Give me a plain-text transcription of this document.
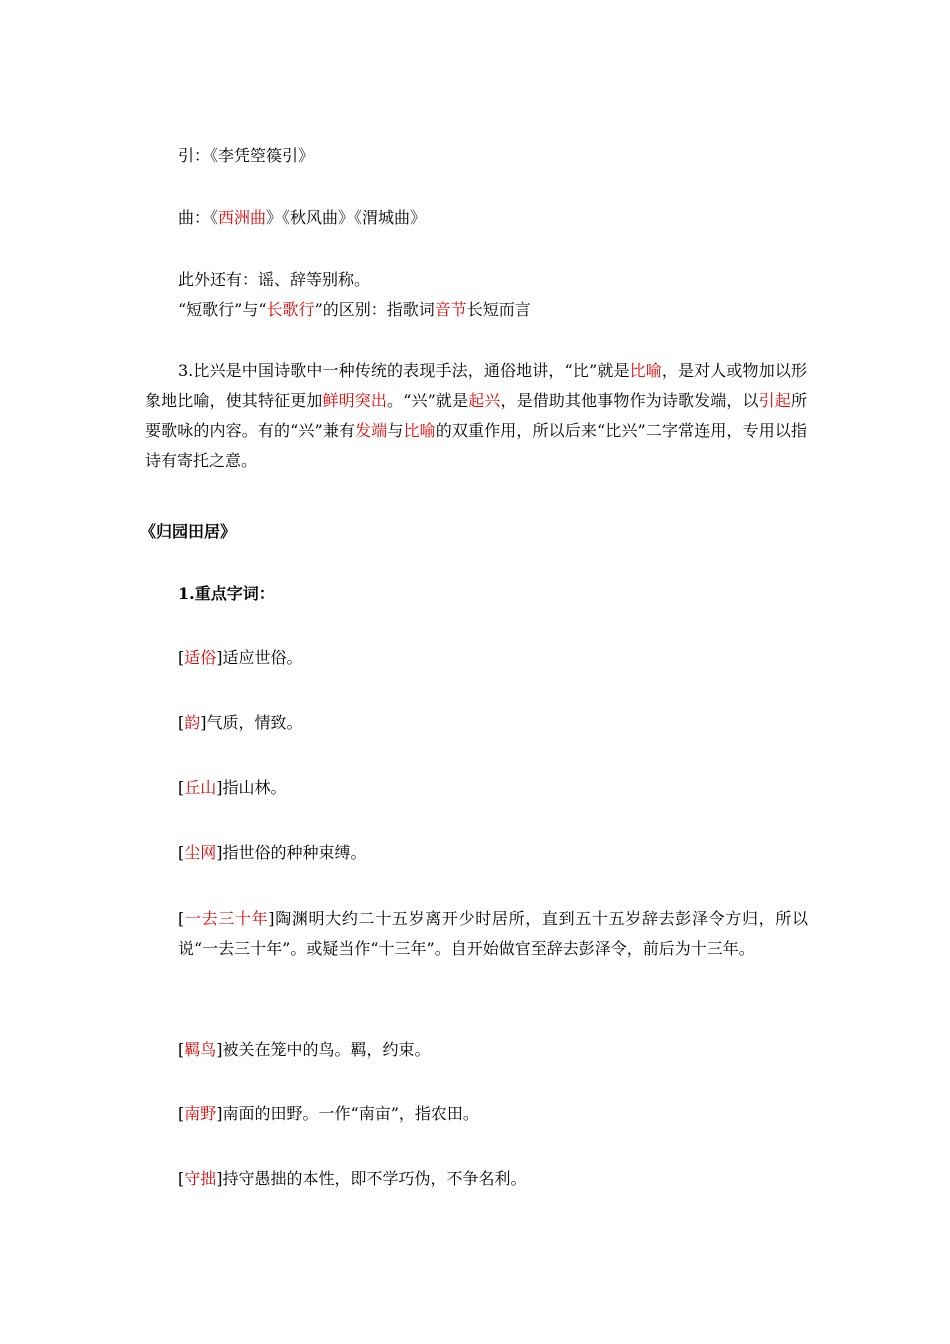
引：《李凭箜篌引》
曲：《西洲曲》《秋风曲》《渭城曲》
此外还有：谣、辞等别称。
“短歌行”与“长歌行”的区别：指歌词音节长短而言
3.比兴是中国诗歌中一种传统的表现手法，通俗地讲，“比”就是比喻，是对人或物加以形象地比喻，使其特征更加鲜明突出。“兴”就是起兴，是借助其他事物作为诗歌发端，以引起所要歌咏的内容。有的“兴”兼有发端与比喻的双重作用，所以后来“比兴”二字常连用，专用以指诗有寄托之意。
《归园田居》
1.重点字词：
[适俗]适应世俗。
[韵]气质，情致。
[丘山]指山林。
[尘网]指世俗的种种束缚。
[一去三十年]陶渊明大约二十五岁离开少时居所，直到五十五岁辞去彭泽令方归，所以说“一去三十年”。或疑当作“十三年”。自开始做官至辞去彭泽令，前后为十三年。
[羁鸟]被关在笼中的鸟。羁，约束。
[南野]南面的田野。一作“南亩”，指农田。
[守拙]持守愚拙的本性，即不学巧伪，不争名利。
